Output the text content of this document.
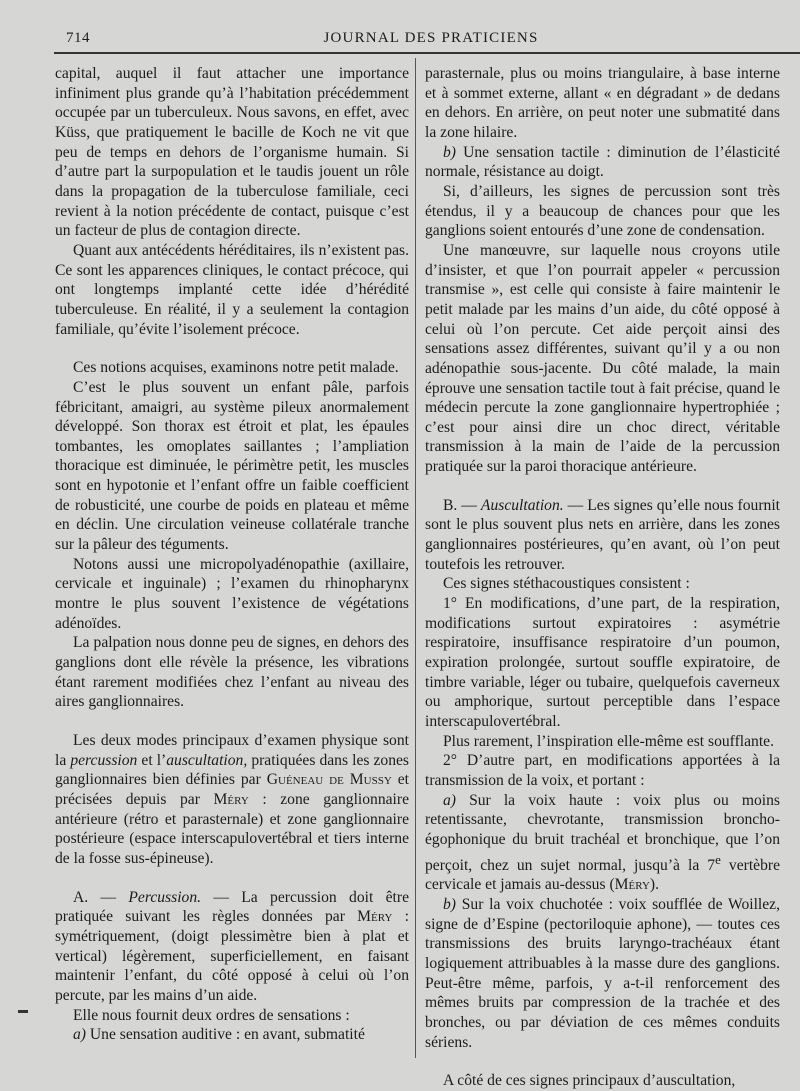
714	JOURNAL DES PRATICIENS

capital, auquel il faut attacher une importance infiniment plus grande qu’à l’habitation précédemment occupée par un tuberculeux. Nous savons, en effet, avec Küss, que pratiquement le bacille de Koch ne vit que peu de temps en dehors de l’organisme humain. Si d’autre part la surpopulation et le taudis jouent un rôle dans la propagation de la tuberculose familiale, ceci revient à la notion précédente de contact, puisque c’est un facteur de plus de contagion directe.

Quant aux antécédents héréditaires, ils n’existent pas. Ce sont les apparences cliniques, le contact précoce, qui ont longtemps implanté cette idée d’hérédité tuberculeuse. En réalité, il y a seulement la contagion familiale, qu’évite l’isolement précoce.

Ces notions acquises, examinons notre petit malade.

C’est le plus souvent un enfant pâle, parfois fébricitant, amaigri, au système pileux anormalement développé. Son thorax est étroit et plat, les épaules tombantes, les omoplates saillantes ; l’ampliation thoracique est diminuée, le périmètre petit, les muscles sont en hypotonie et l’enfant offre un faible coefficient de robusticité, une courbe de poids en plateau et même en déclin. Une circulation veineuse collatérale tranche sur la pâleur des téguments.

Notons aussi une micropolyadénopathie (axillaire, cervicale et inguinale) ; l’examen du rhinopharynx montre le plus souvent l’existence de végétations adénoïdes.

La palpation nous donne peu de signes, en dehors des ganglions dont elle révèle la présence, les vibrations étant rarement modifiées chez l’enfant au niveau des aires ganglionnaires.

Les deux modes principaux d’examen physique sont la percussion et l’auscultation, pratiquées dans les zones ganglionnaires bien définies par Guéneau de Mussy et précisées depuis par Méry : zone ganglionnaire antérieure (rétro et parasternale) et zone ganglionnaire postérieure (espace interscapulovertébral et tiers interne de la fosse sus-épineuse).

A. — Percussion. — La percussion doit être pratiquée suivant les règles données par Méry : symétriquement, (doigt plessimètre bien à plat et vertical) légèrement, superficiellement, en faisant maintenir l’enfant, du côté opposé à celui où l’on percute, par les mains d’un aide.

Elle nous fournit deux ordres de sensations :

a) Une sensation auditive : en avant, submatité

parasternale, plus ou moins triangulaire, à base interne et à sommet externe, allant « en dégradant » de dedans en dehors. En arrière, on peut noter une submatité dans la zone hilaire.

b) Une sensation tactile : diminution de l’élasticité normale, résistance au doigt.

Si, d’ailleurs, les signes de percussion sont très étendus, il y a beaucoup de chances pour que les ganglions soient entourés d’une zone de condensation.

Une manœuvre, sur laquelle nous croyons utile d’insister, et que l’on pourrait appeler « percussion transmise », est celle qui consiste à faire maintenir le petit malade par les mains d’un aide, du côté opposé à celui où l’on percute. Cet aide perçoit ainsi des sensations assez différentes, suivant qu’il y a ou non adénopathie sous-jacente. Du côté malade, la main éprouve une sensation tactile tout à fait précise, quand le médecin percute la zone ganglionnaire hypertrophiée ; c’est pour ainsi dire un choc direct, véritable transmission à la main de l’aide de la percussion pratiquée sur la paroi thoracique antérieure.

B. — Auscultation. — Les signes qu’elle nous fournit sont le plus souvent plus nets en arrière, dans les zones ganglionnaires postérieures, qu’en avant, où l’on peut toutefois les retrouver.

Ces signes stéthacoustiques consistent :

1° En modifications, d’une part, de la respiration, modifications surtout expiratoires : asymétrie respiratoire, insuffisance respiratoire d’un poumon, expiration prolongée, surtout souffle expiratoire, de timbre variable, léger ou tubaire, quelquefois caverneux ou amphorique, surtout perceptible dans l’espace interscapulovertébral.

Plus rarement, l’inspiration elle-même est soufflante.

2° D’autre part, en modifications apportées à la transmission de la voix, et portant :

a) Sur la voix haute : voix plus ou moins retentissante, chevrotante, transmission broncho-égophonique du bruit trachéal et bronchique, que l’on perçoit, chez un sujet normal, jusqu’à la 7e vertèbre cervicale et jamais au-dessus (Méry).

b) Sur la voix chuchotée : voix soufflée de Woillez, signe de d’Espine (pectoriloquie aphone), — toutes ces transmissions des bruits laryngo-trachéaux étant logiquement attribuables à la masse dure des ganglions. Peut-être même, parfois, y a-t-il renforcement des mêmes bruits par compression de la trachée et des bronches, ou par déviation de ces mêmes conduits sériens.

A côté de ces signes principaux d’auscultation,
